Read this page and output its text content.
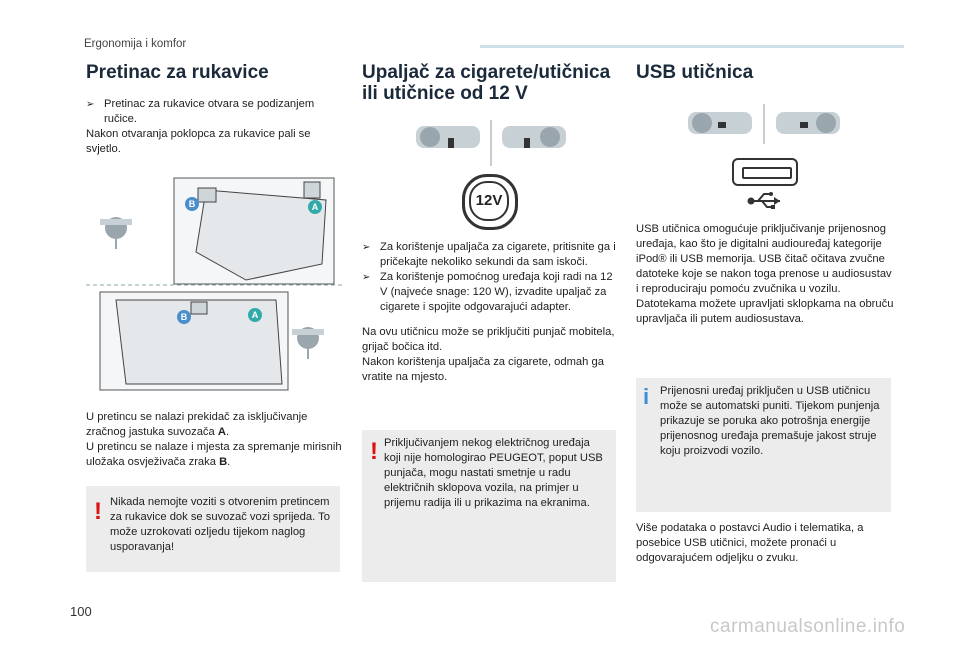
Ergonomija i komfor
Pretinac za rukavice

➢ Pretinac za rukavice otvara se podizanjem ručice.

Nakon otvaranja poklopca za rukavice pali se svjetlo.

B	A
B	A

U pretincu se nalazi prekidač za isključivanje zračnog jastuka suvozača A.

U pretincu se nalaze i mjesta za spremanje mirisnih uložaka osvježivača zraka B.

! Nikada nemojte voziti s otvorenim pretincem za rukavice dok se suvozač vozi sprijeda. To može uzrokovati ozljedu tijekom naglog usporavanja!

Upaljač za cigarete/utičnica
ili utičnice od 12 V
12V

➢ Za korištenje upaljača za cigarete, pritisnite ga i pričekajte nekoliko sekundi da sam iskoči.

➢ Za korištenje pomoćnog uređaja koji radi na 12 V (najveće snage: 120 W), izvadite upaljač za cigarete i spojite odgovarajući adapter.

Na ovu utičnicu može se priključiti punjač mobitela, grijač bočica itd.

Nakon korištenja upaljača za cigarete, odmah ga vratite na mjesto.

! Priključivanjem nekog električnog uređaja koji nije homologirao PEUGEOT, poput USB punjača, mogu nastati smetnje u radu električnih sklopova vozila, na primjer u prijemu radija ili u prikazima na ekranima.

USB utičnica

USB utičnica omogućuje priključivanje prijenosnog uređaja, kao što je digitalni audiouređaj kategorije iPod® ili USB memorija. USB čitač očitava zvučne datoteke koje se nakon toga prenose u audiosustav i reproduciraju pomoću zvučnika u vozilu. Datotekama možete upravljati sklopkama na obruču upravljača ili putem audiosustava.

i Prijenosni uređaj priključen u USB utičnicu može se automatski puniti. Tijekom punjenja prikazuje se poruka ako potrošnja energije prijenosnog uređaja premašuje jakost struje koju proizvodi vozilo.

Više podataka o postavci Audio i telematika, a posebice USB utičnici, možete pronaći u odgovarajućem odjeljku o zvuku.

100
carmanualsonline.info
